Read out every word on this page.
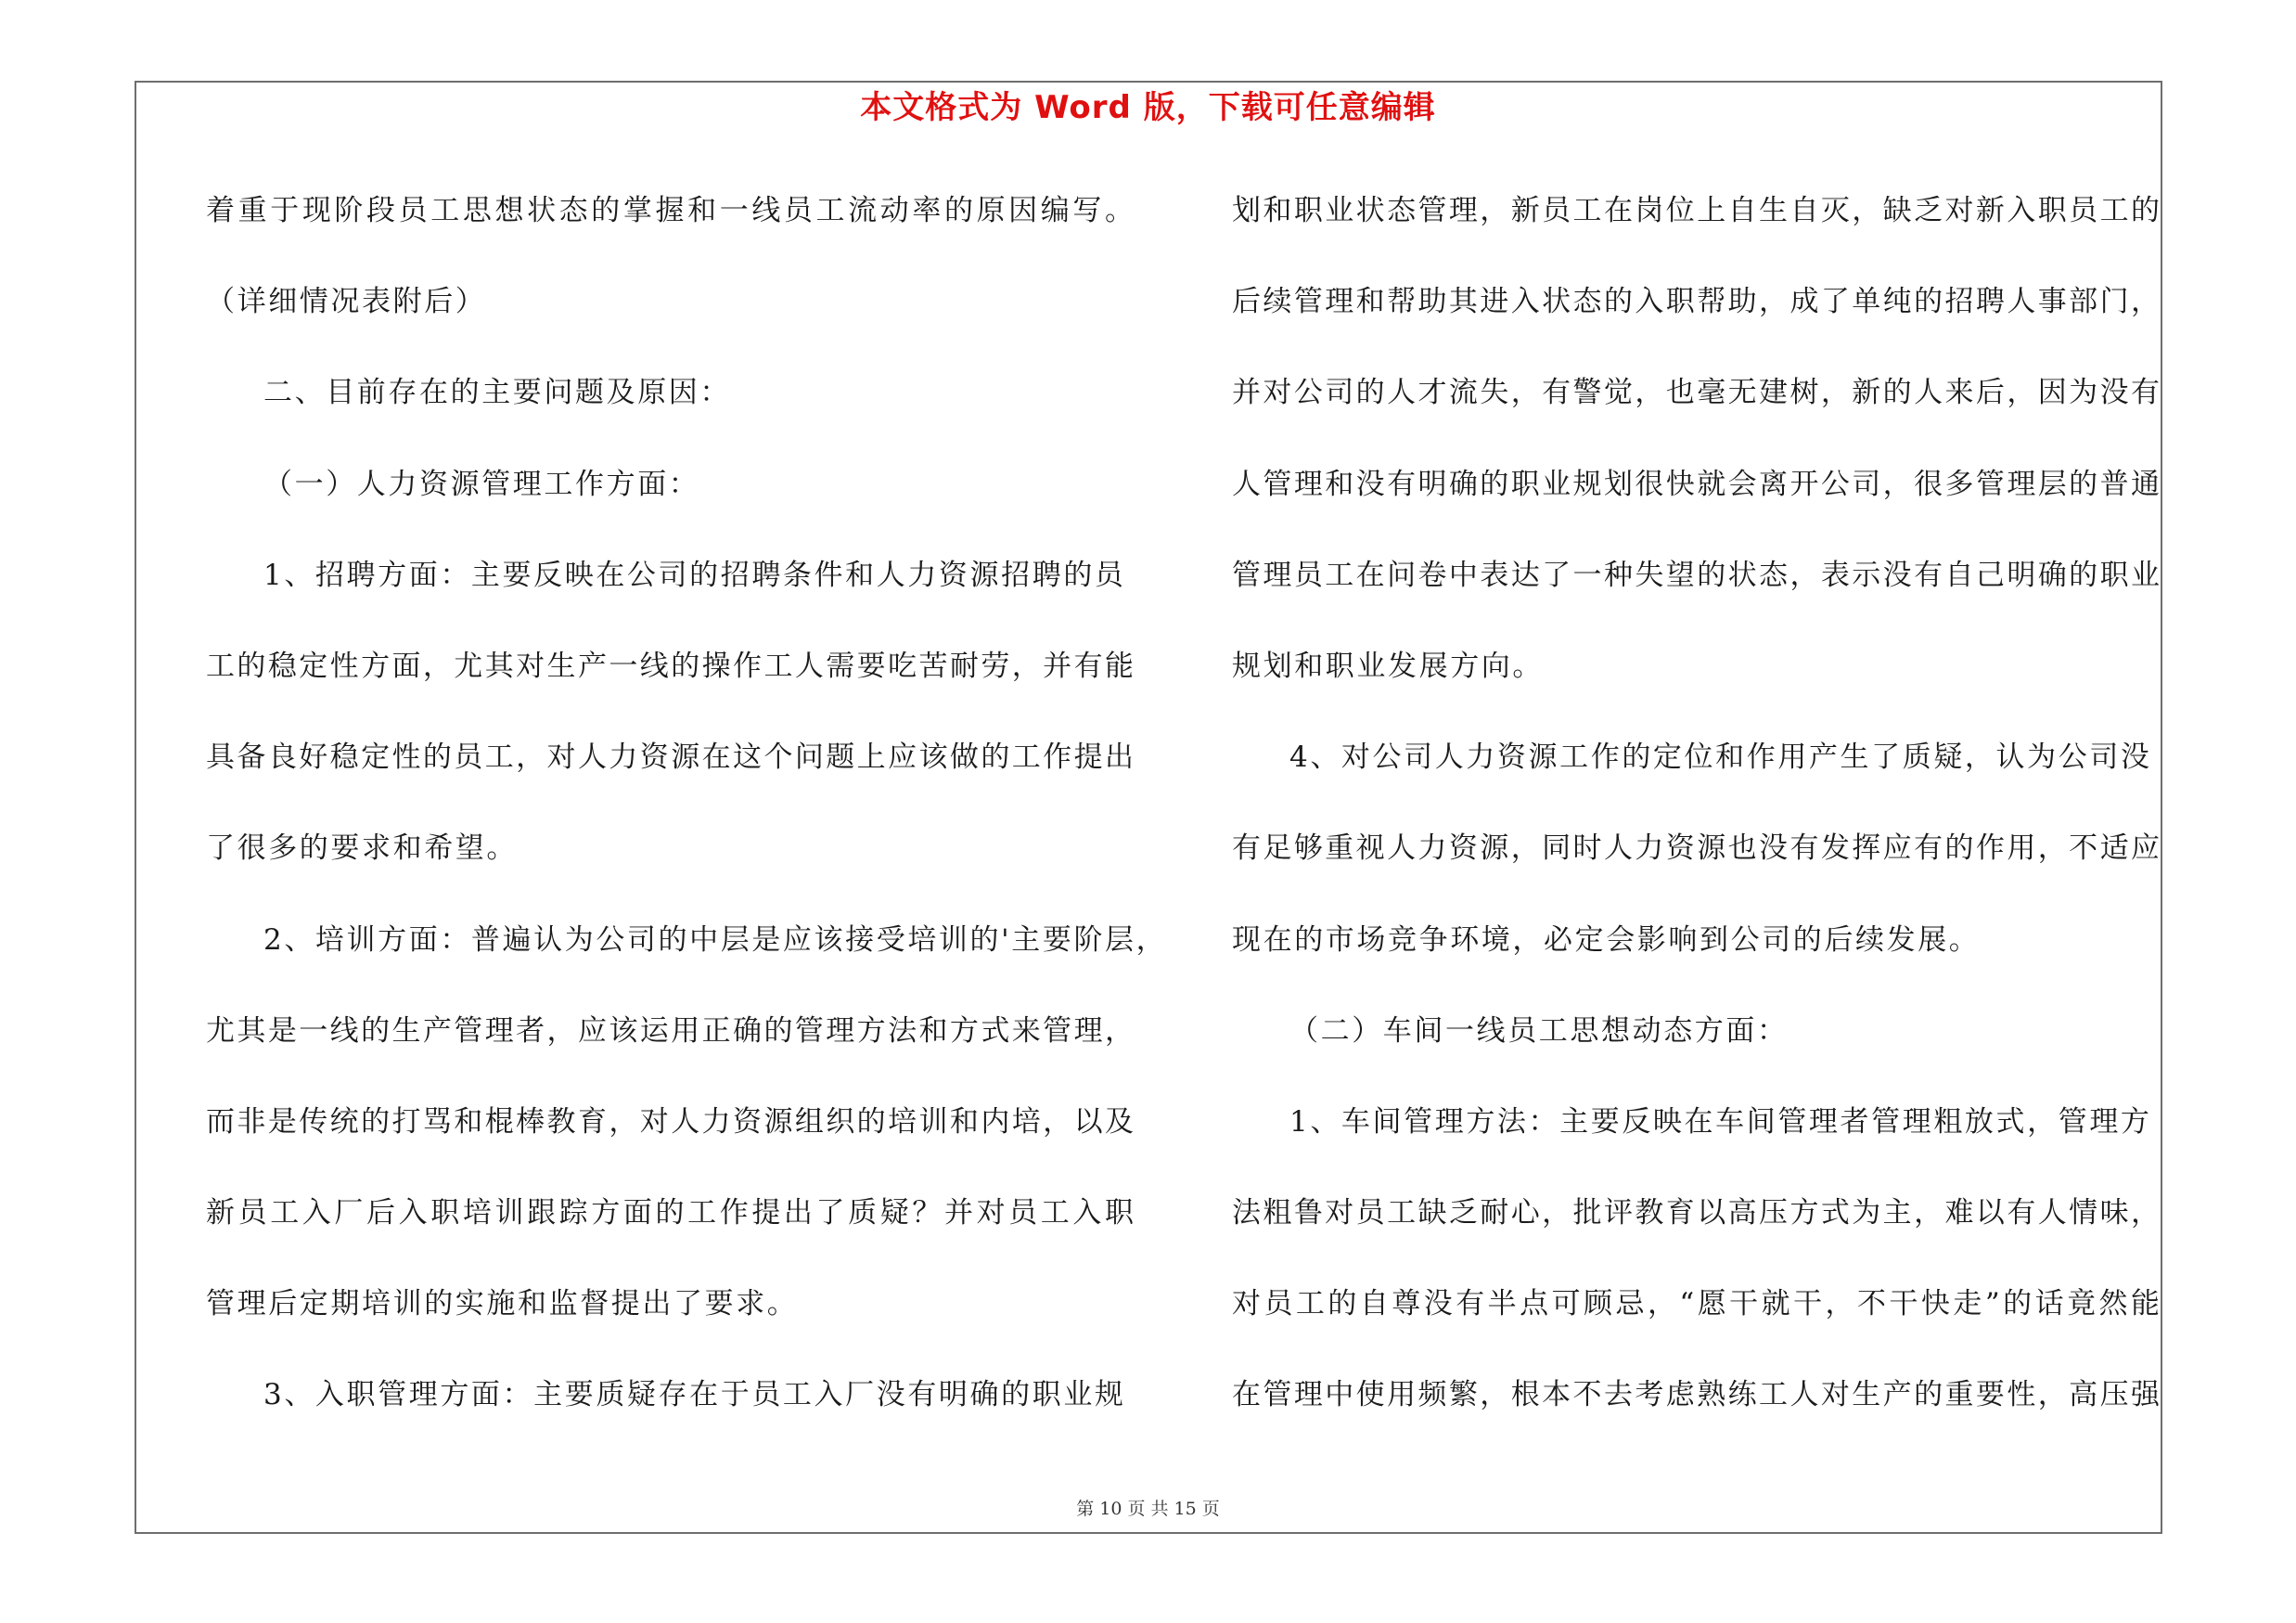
本文格式为 Word 版，下载可任意编辑
着重于现阶段员工思想状态的掌握和一线员工流动率的原因编写。
（详细情况表附后）
二、目前存在的主要问题及原因：
（一）人力资源管理工作方面：
1、招聘方面：主要反映在公司的招聘条件和人力资源招聘的员
工的稳定性方面，尤其对生产一线的操作工人需要吃苦耐劳，并有能
具备良好稳定性的员工，对人力资源在这个问题上应该做的工作提出
了很多的要求和希望。
2、培训方面：普遍认为公司的中层是应该接受培训的'主要阶层，
尤其是一线的生产管理者，应该运用正确的管理方法和方式来管理，
而非是传统的打骂和棍棒教育，对人力资源组织的培训和内培，以及
新员工入厂后入职培训跟踪方面的工作提出了质疑？并对员工入职
管理后定期培训的实施和监督提出了要求。
3、入职管理方面：主要质疑存在于员工入厂没有明确的职业规
划和职业状态管理，新员工在岗位上自生自灭，缺乏对新入职员工的
后续管理和帮助其进入状态的入职帮助，成了单纯的招聘人事部门，
并对公司的人才流失，有警觉，也毫无建树，新的人来后，因为没有
人管理和没有明确的职业规划很快就会离开公司，很多管理层的普通
管理员工在问卷中表达了一种失望的状态，表示没有自己明确的职业
规划和职业发展方向。
4、对公司人力资源工作的定位和作用产生了质疑，认为公司没
有足够重视人力资源，同时人力资源也没有发挥应有的作用，不适应
现在的市场竞争环境，必定会影响到公司的后续发展。
（二）车间一线员工思想动态方面：
1、车间管理方法：主要反映在车间管理者管理粗放式，管理方
法粗鲁对员工缺乏耐心，批评教育以高压方式为主，难以有人情味，
对员工的自尊没有半点可顾忌，“愿干就干，不干快走”的话竟然能
在管理中使用频繁，根本不去考虑熟练工人对生产的重要性，高压强
第 10 页 共 15 页
